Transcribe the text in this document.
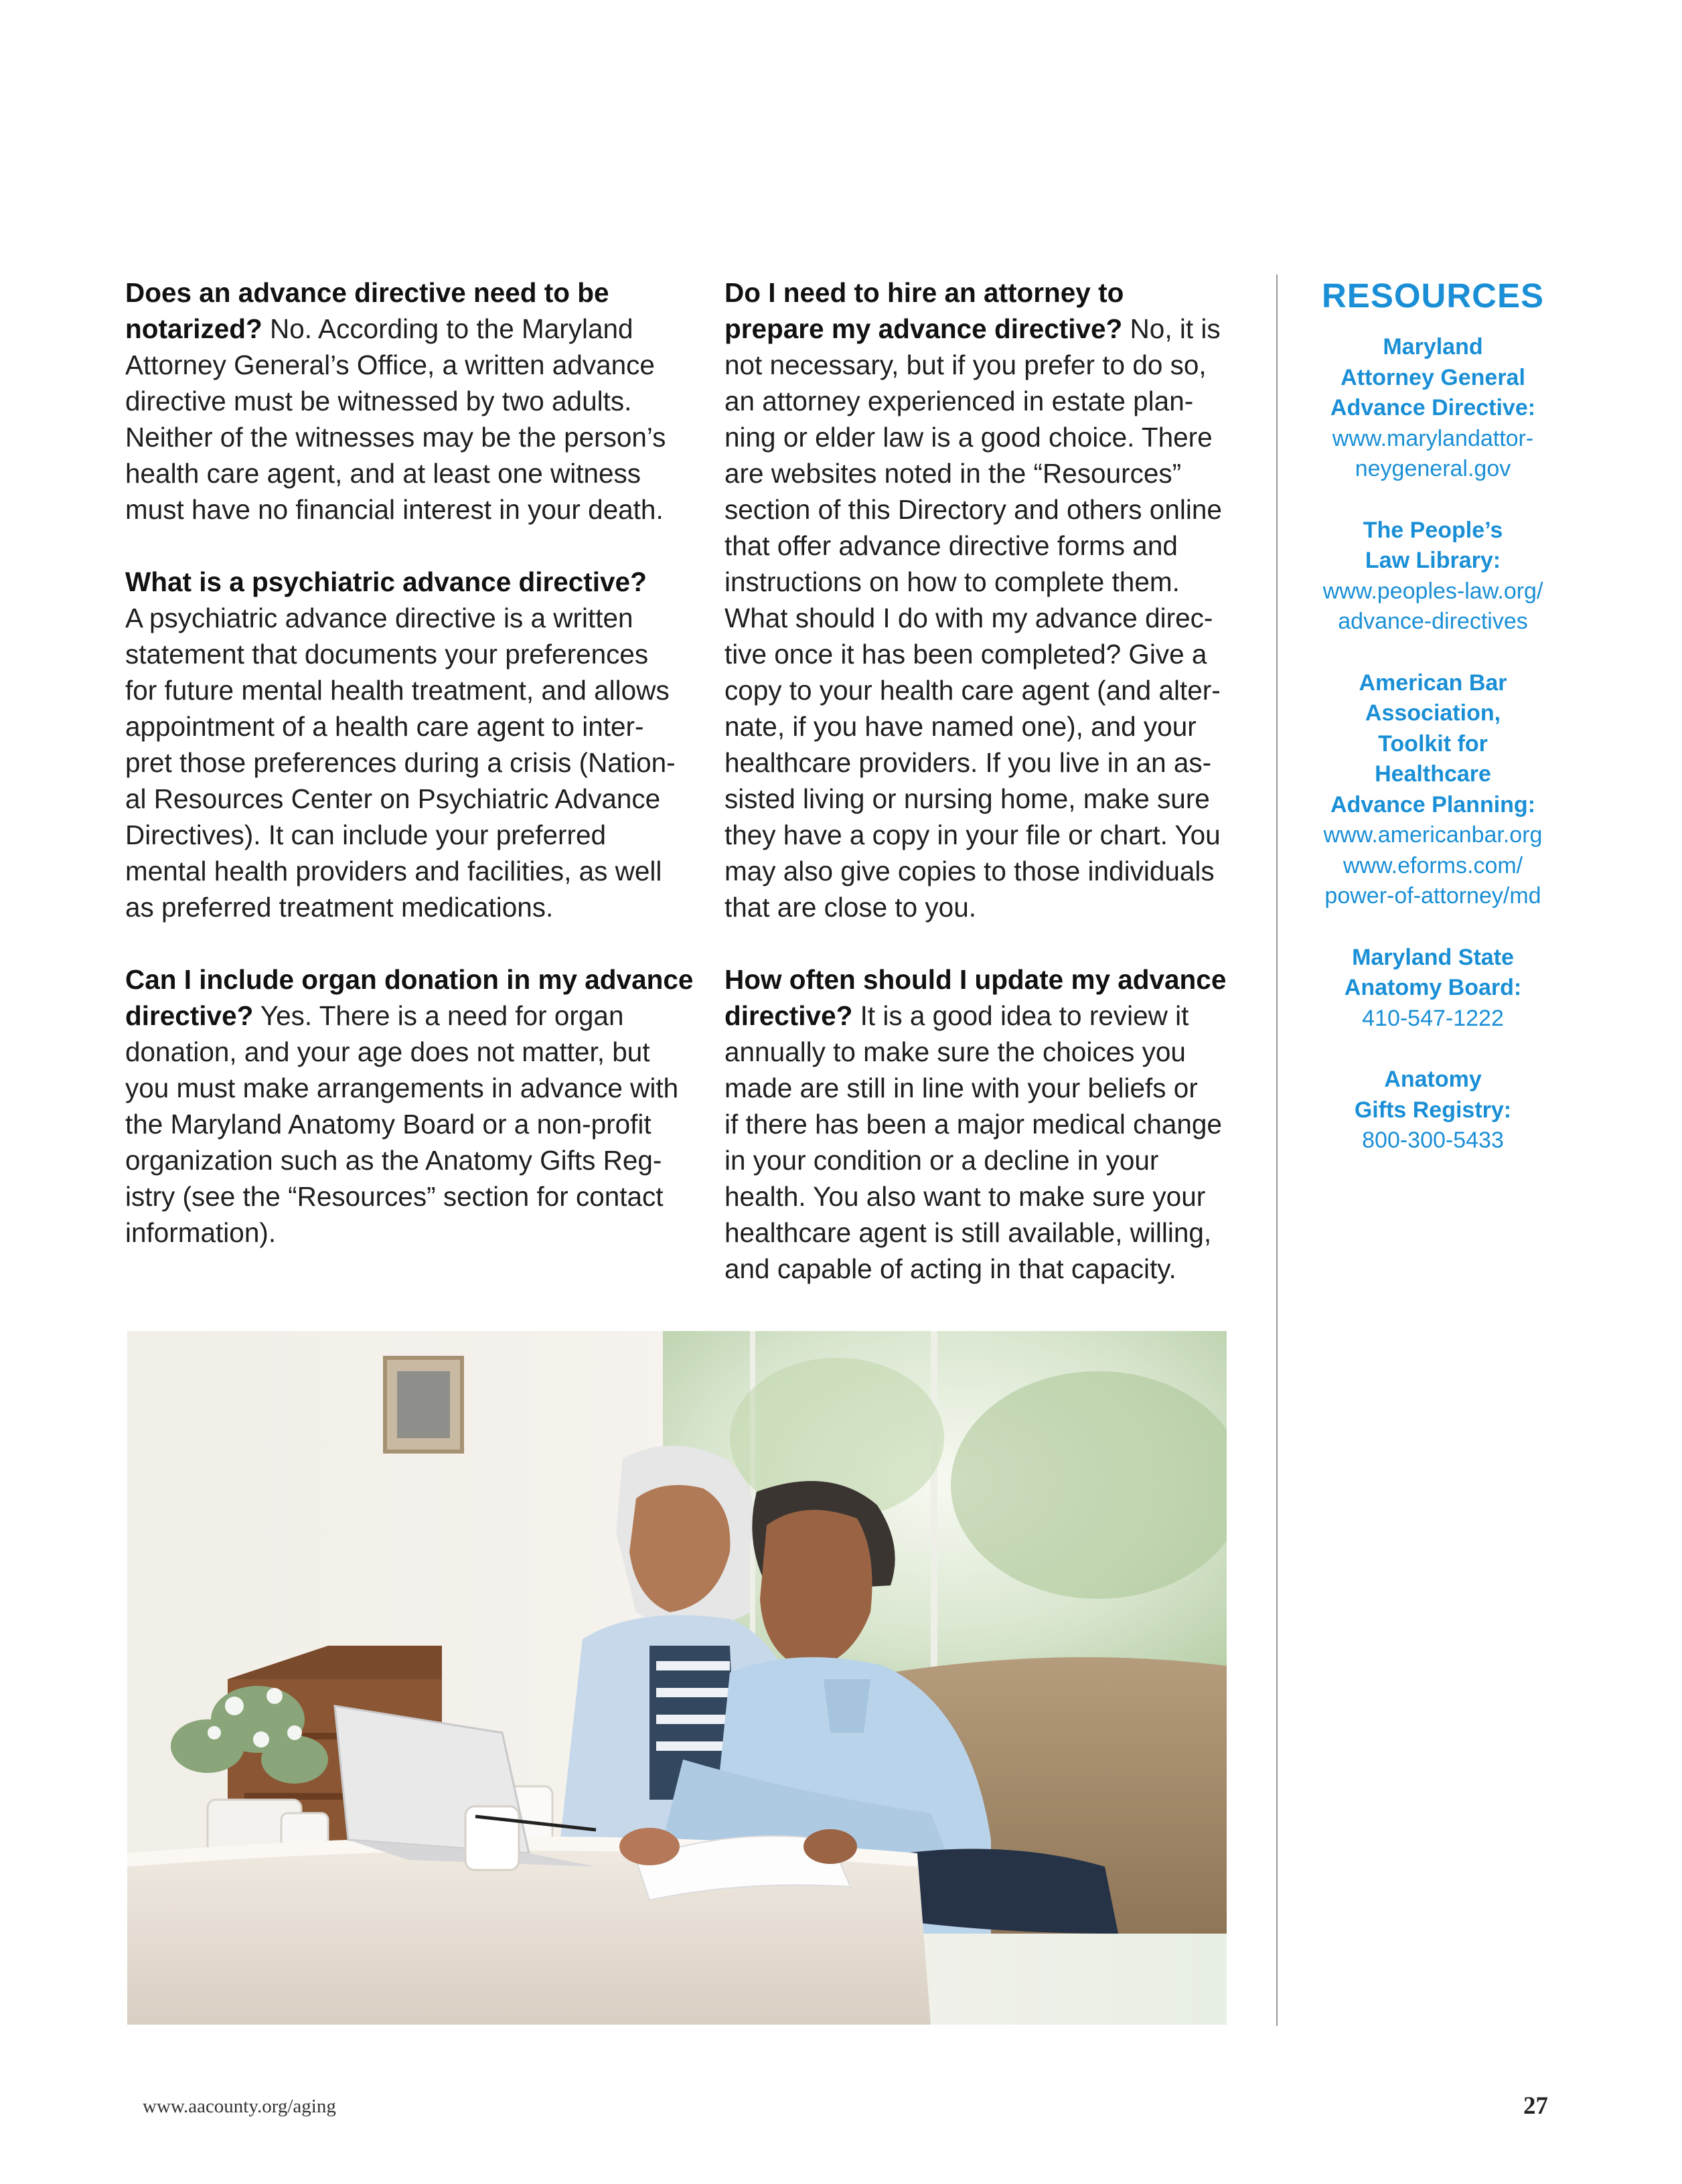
Does an advance directive need to be
notarized? No. According to the Maryland
Attorney General’s Office, a written advance
directive must be witnessed by two adults.
Neither of the witnesses may be the person’s
health care agent, and at least one witness
must have no financial interest in your death.

What is a psychiatric advance directive?
A psychiatric advance directive is a written
statement that documents your preferences
for future mental health treatment, and allows
appointment of a health care agent to inter-
pret those preferences during a crisis (Nation-
al Resources Center on Psychiatric Advance
Directives). It can include your preferred
mental health providers and facilities, as well
as preferred treatment medications.

Can I include organ donation in my advance
directive? Yes. There is a need for organ
donation, and your age does not matter, but
you must make arrangements in advance with
the Maryland Anatomy Board or a non-profit
organization such as the Anatomy Gifts Reg-
istry (see the “Resources” section for contact
information).

Do I need to hire an attorney to
prepare my advance directive? No, it is
not necessary, but if you prefer to do so,
an attorney experienced in estate plan-
ning or elder law is a good choice. There
are websites noted in the “Resources”
section of this Directory and others online
that offer advance directive forms and
instructions on how to complete them.
What should I do with my advance direc-
tive once it has been completed? Give a
copy to your health care agent (and alter-
nate, if you have named one), and your
healthcare providers. If you live in an as-
sisted living or nursing home, make sure
they have a copy in your file or chart. You
may also give copies to those individuals
that are close to you.

How often should I update my advance
directive? It is a good idea to review it
annually to make sure the choices you
made are still in line with your beliefs or
if there has been a major medical change
in your condition or a decline in your
health. You also want to make sure your
healthcare agent is still available, willing,
and capable of acting in that capacity.

RESOURCES
Maryland
Attorney General
Advance Directive:
www.marylandattor-
neygeneral.gov
The People’s
Law Library:
www.peoples-law.org/
advance-directives
American Bar
Association,
Toolkit for
Healthcare
Advance Planning:
www.americanbar.org
www.eforms.com/
power-of-attorney/md
Maryland State
Anatomy Board:
410-547-1222
Anatomy
Gifts Registry:
800-300-5433
www.aacounty.org/aging	27
